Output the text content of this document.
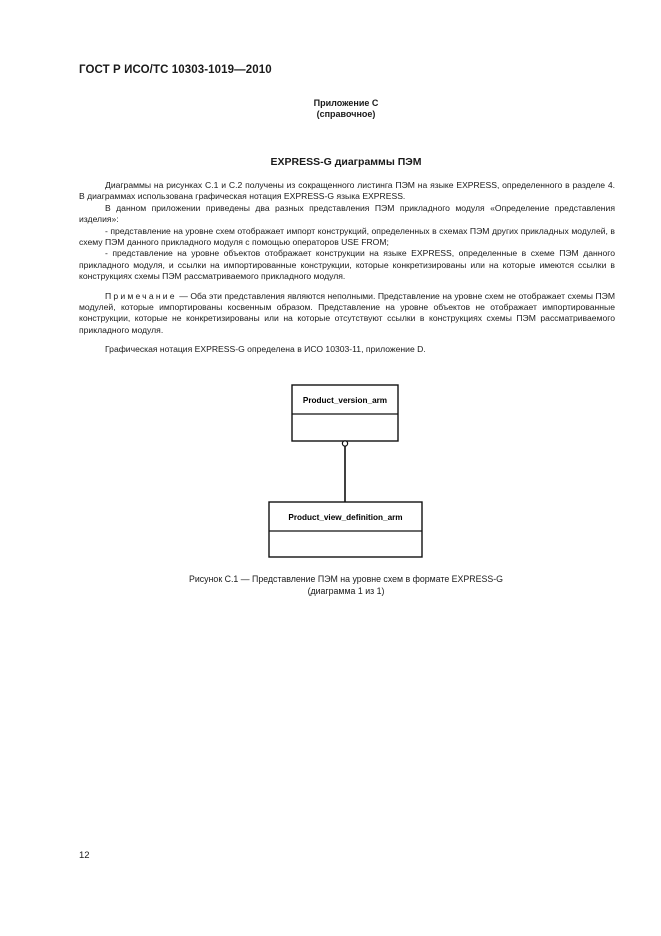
ГОСТ Р ИСО/ТС 10303-1019—2010
Приложение С
(справочное)
EXPRESS-G диаграммы ПЭМ

Диаграммы на рисунках С.1 и С.2 получены из сокращенного листинга ПЭМ на языке EXPRESS, определенного в разделе 4. В диаграммах использована графическая нотация EXPRESS-G языка EXPRESS.

В данном приложении приведены два разных представления ПЭМ прикладного модуля «Определение представления изделия»:

- представление на уровне схем отображает импорт конструкций, определенных в схемах ПЭМ других прикладных модулей, в схему ПЭМ данного прикладного модуля с помощью операторов USE FROM;

- представление на уровне объектов отображает конструкции на языке EXPRESS, определенные в схеме ПЭМ данного прикладного модуля, и ссылки на импортированные конструкции, которые конкретизированы или на которые имеются ссылки в конструкциях схемы ПЭМ рассматриваемого прикладного модуля.

Примечание — Оба эти представления являются неполными. Представление на уровне схем не отображает схемы ПЭМ модулей, которые импортированы косвенным образом. Представление на уровне объектов не отображает импортированные конструкции, которые не конкретизированы или на которые отсутствуют ссылки в конструкциях схемы ПЭМ рассматриваемого прикладного модуля.

Графическая нотация EXPRESS-G определена в ИСО 10303-11, приложение D.

Product_version_arm
Product_view_definition_arm
Рисунок С.1 — Представление ПЭМ на уровне схем в формате EXPRESS-G
(диаграмма 1 из 1)
12
